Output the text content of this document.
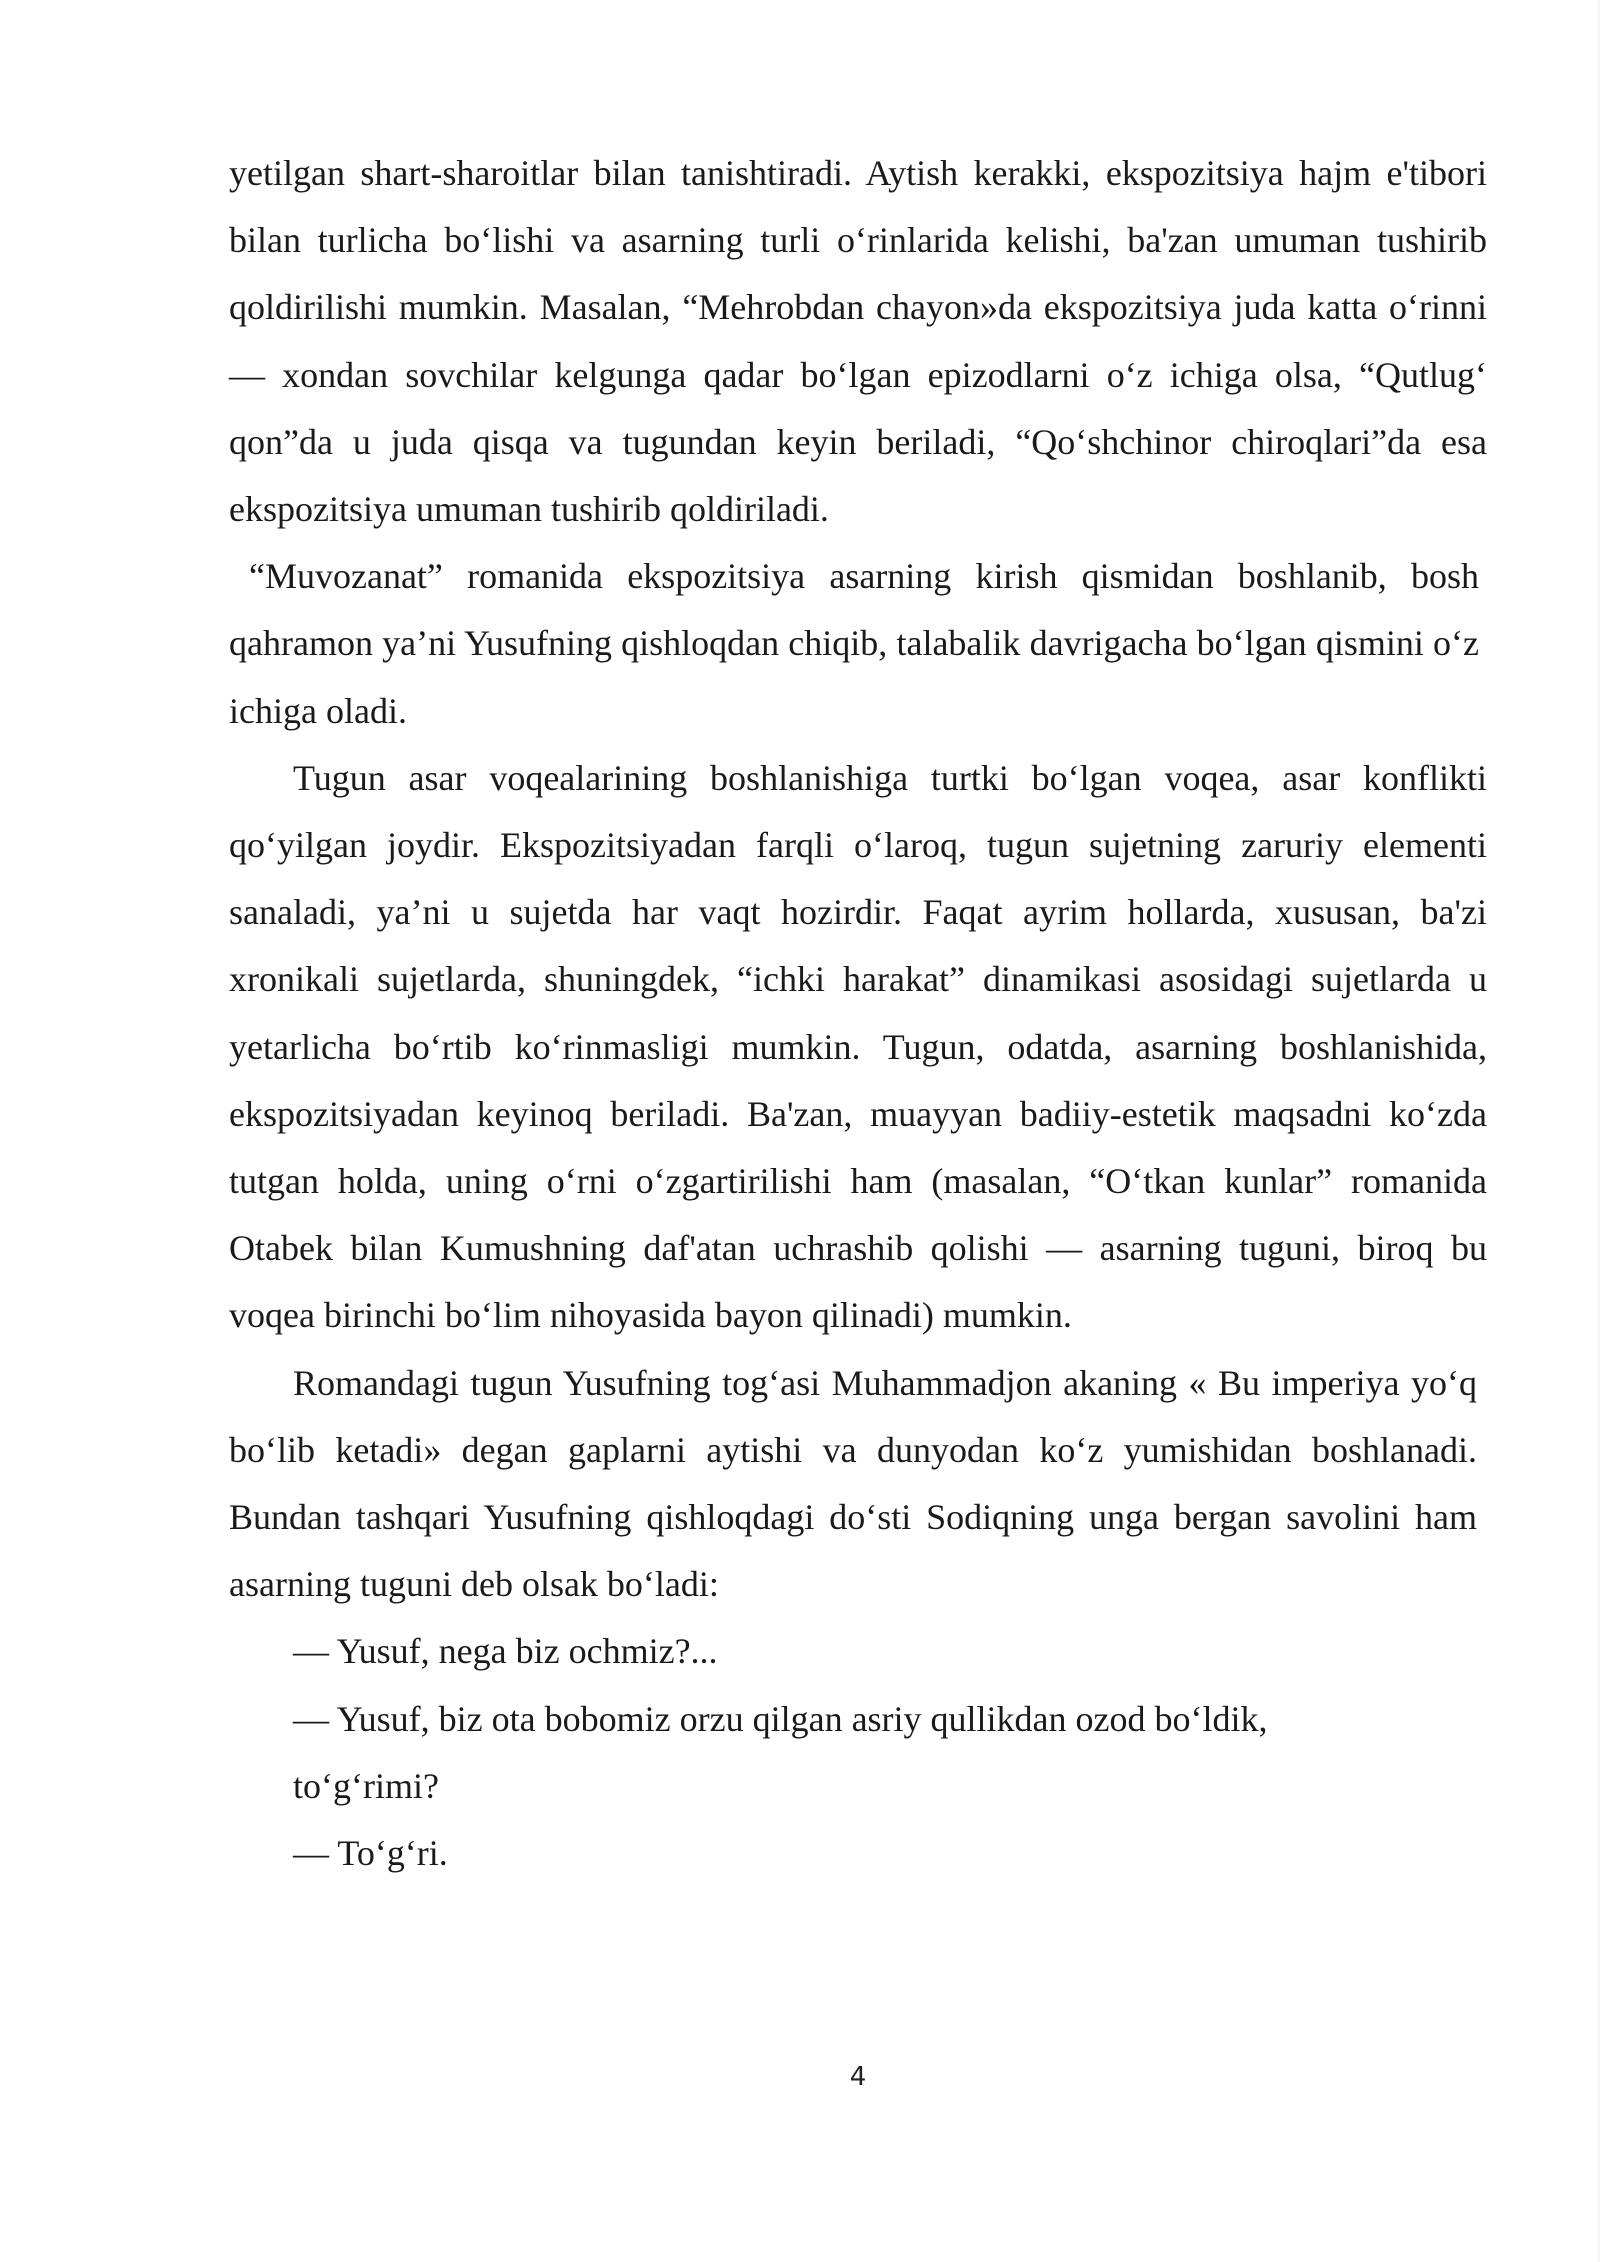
yetilgan shart-sharoitlar bilan tanishtiradi. Aytish kerakki, ekspozitsiya hajm e'tibori bilan turlicha bo‘lishi va asarning turli o‘rinlarida kelishi, ba'zan umuman tushirib qoldirilishi mumkin. Masalan, “Mehrobdan chayon»da ekspozitsiya juda katta o‘rinni — xondan sovchilar kelgunga qadar bo‘lgan epizodlarni o‘z ichiga olsa, “Qutlug‘ qon”da u juda qisqa va tugundan keyin beriladi, “Qo‘shchinor chiroqlari”da esa ekspozitsiya umuman tushirib qoldiriladi.

“Muvozanat” romanida ekspozitsiya asarning kirish qismidan boshlanib, bosh qahramon ya’ni Yusufning qishloqdan chiqib, talabalik davrigacha bo‘lgan qismini o‘z ichiga oladi.

Tugun asar voqealarining boshlanishiga turtki bo‘lgan voqea, asar konflikti qo‘yilgan joydir. Ekspozitsiyadan farqli o‘laroq, tugun sujetning zaruriy elementi sanaladi, ya’ni u sujetda har vaqt hozirdir. Faqat ayrim hollarda, xususan, ba'zi xronikali sujetlarda, shuningdek, “ichki harakat” dinamikasi asosidagi sujetlarda u yetarlicha bo‘rtib ko‘rinmasligi mumkin. Tugun, odatda, asarning boshlanishida, ekspozitsiyadan keyinoq beriladi. Ba'zan, muayyan badiiy-estetik maqsadni ko‘zda tutgan holda, uning o‘rni o‘zgartirilishi ham (masalan, “O‘tkan kunlar” romanida Otabek bilan Kumushning daf'atan uchrashib qolishi — asarning tuguni, biroq bu voqea birinchi bo‘lim nihoyasida bayon qilinadi) mumkin.

Romandagi tugun Yusufning tog‘asi Muhammadjon akaning « Bu imperiya yo‘q bo‘lib ketadi» degan gaplarni aytishi va dunyodan ko‘z yumishidan boshlanadi. Bundan tashqari Yusufning qishloqdagi do‘sti Sodiqning unga bergan savolini ham asarning tuguni deb olsak bo‘ladi:

— Yusuf, nega biz ochmiz?...

— Yusuf, biz ota bobomiz orzu qilgan asriy qullikdan ozod bo‘ldik,

to‘g‘rimi?

— To‘g‘ri.

4
